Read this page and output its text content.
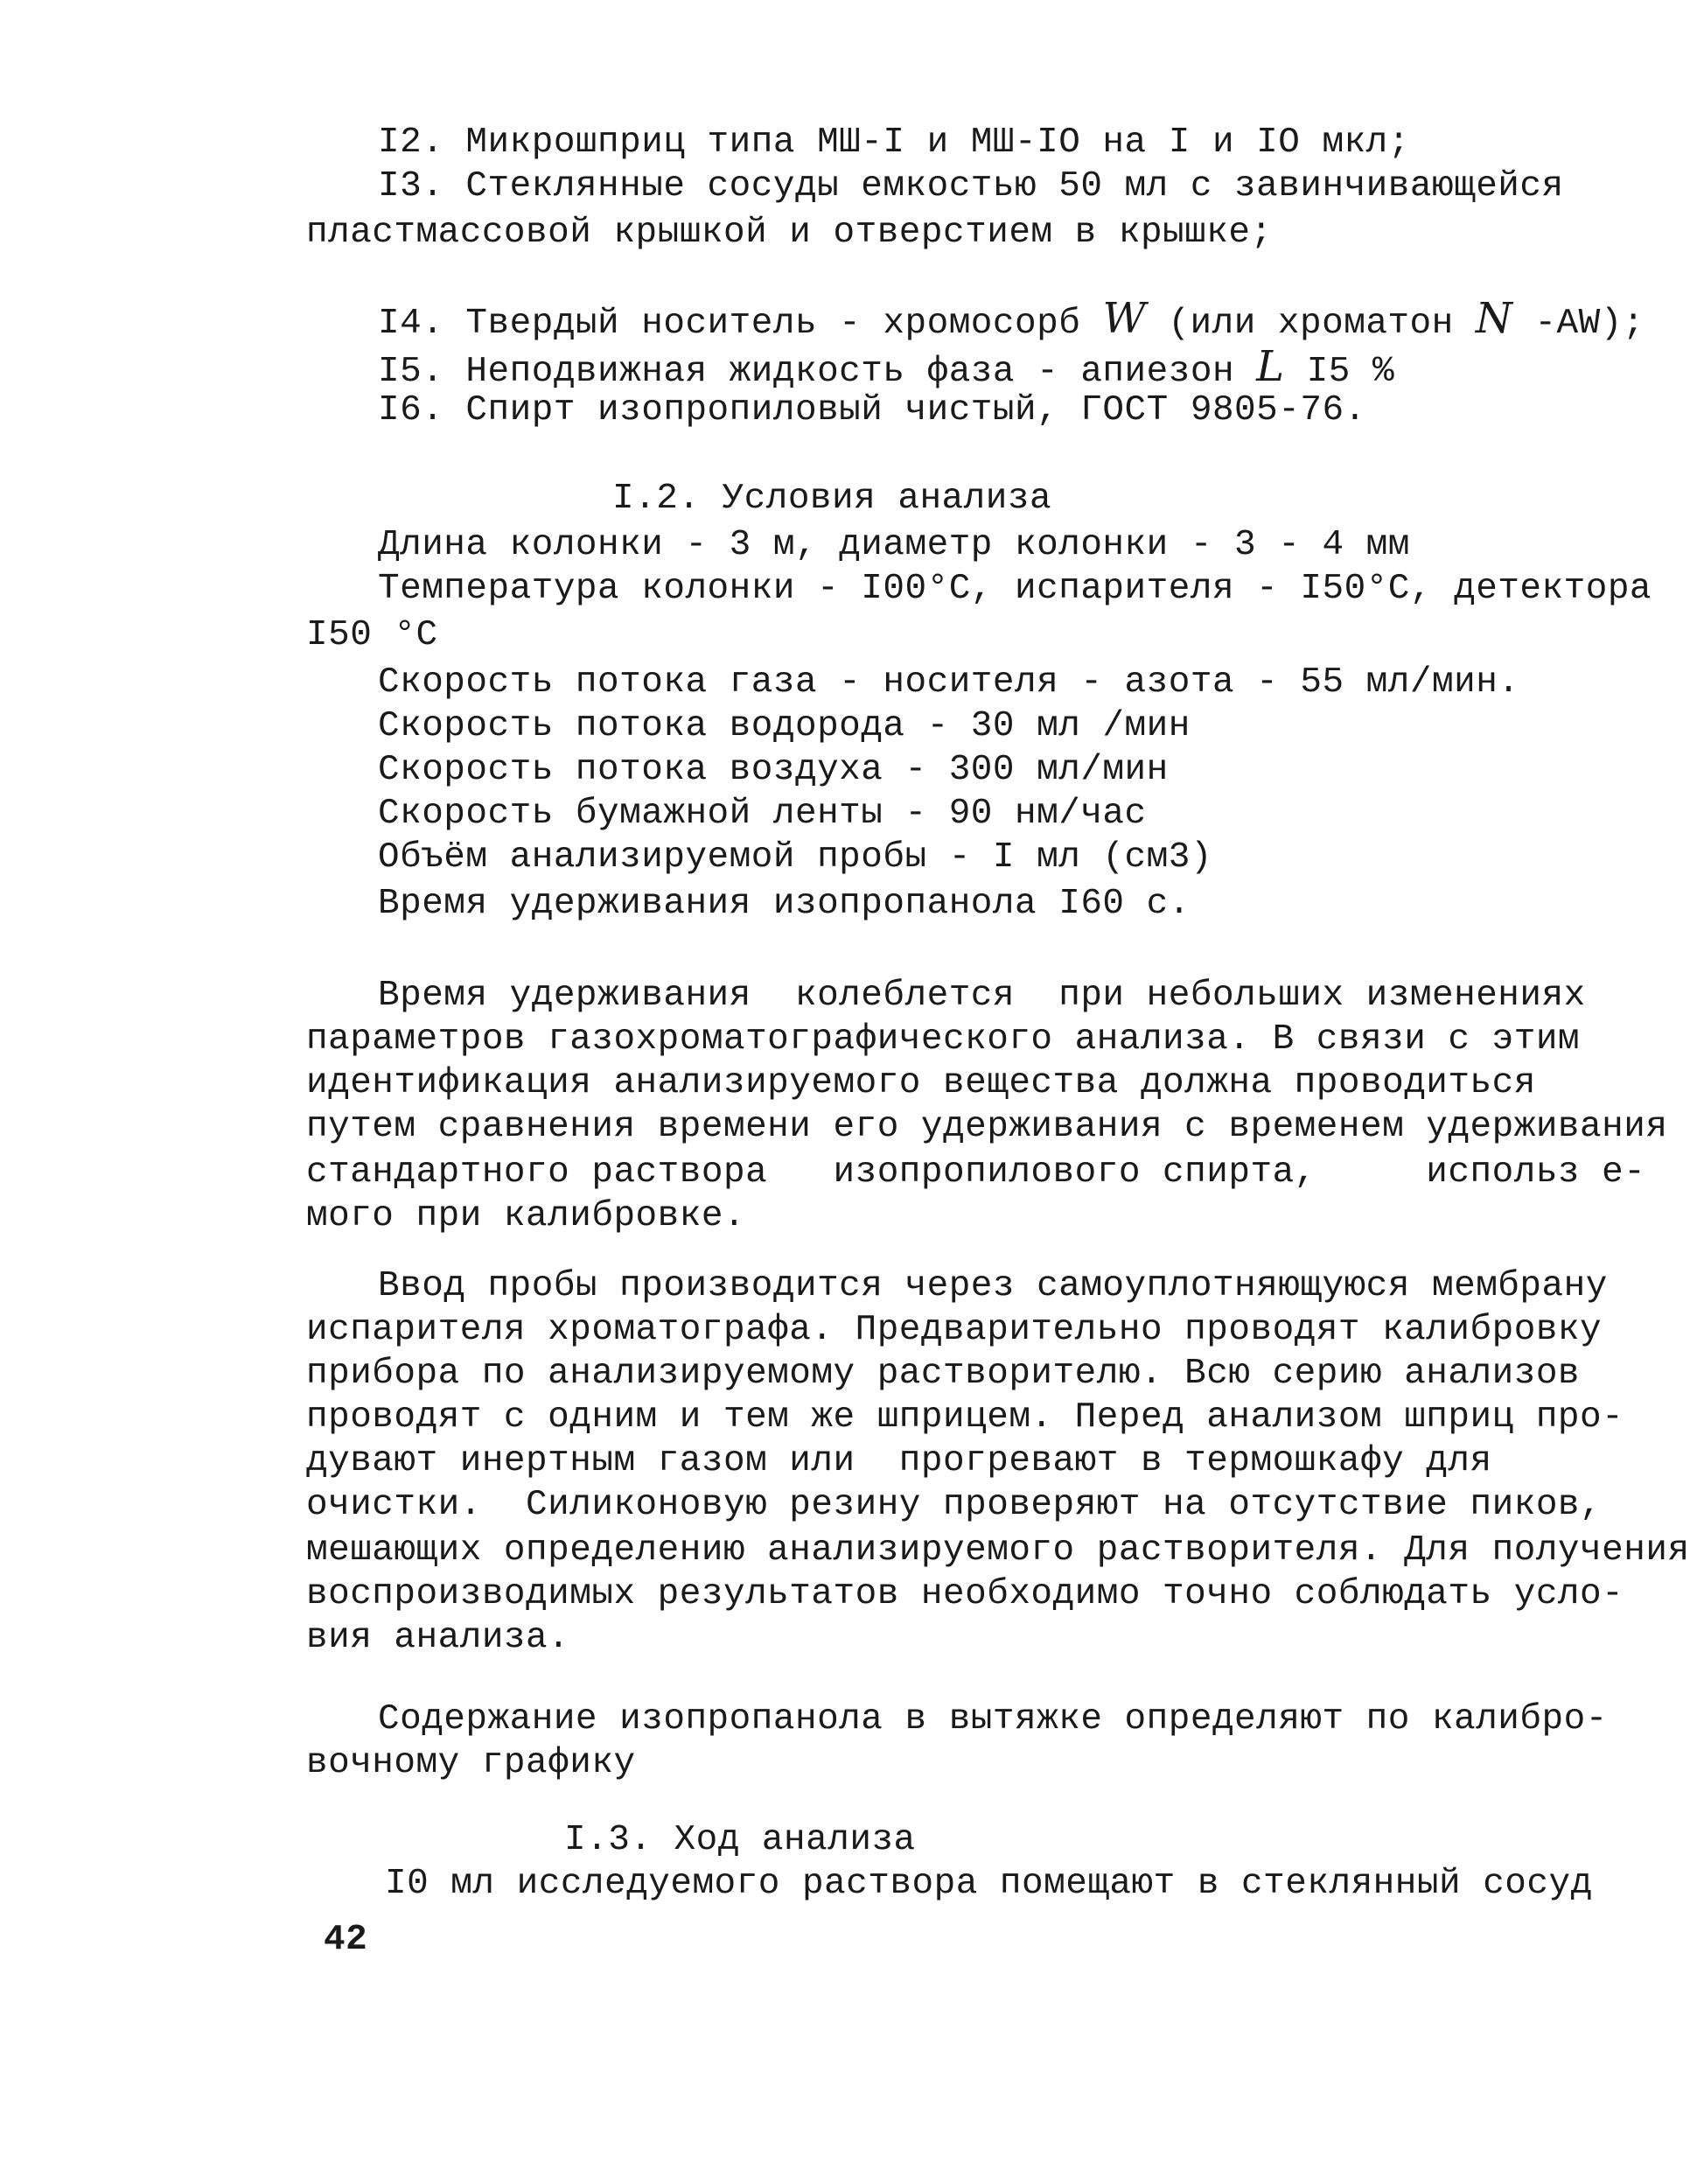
I2. Микрошприц типа МШ-I и МШ-IO на I и IO мкл;
I3. Стеклянные сосуды емкостью 50 мл с завинчивающейся
пластмассовой крышкой и отверстием в крышке;
I4. Твердый носитель - хромосорб W (или хроматон N -AW);
I5. Неподвижная жидкость фаза - апиезон L I5 %
I6. Спирт изопропиловый чистый, ГОСТ 9805-76.
I.2. Условия анализа
Длина колонки - 3 м, диаметр колонки - 3 - 4 мм
Температура колонки - I00°С, испарителя - I50°С, детектора
I50 °С
Скорость потока газа - носителя - азота - 55 мл/мин.
Скорость потока водорода - 30 мл /мин
Скорость потока воздуха - 300 мл/мин
Скорость бумажной ленты - 90 нм/час
Объём анализируемой пробы - I мл (см3)
Время удерживания изопропанола I60 с.
Время удерживания  колеблется  при небольших изменениях
параметров газохроматографического анализа. В связи с этим
идентификация анализируемого вещества должна проводиться
путем сравнения времени его удерживания с временем удерживания
стандартного раствора   изопропилового спирта,     использ е-
мого при калибровке.
Ввод пробы производится через самоуплотняющуюся мембрану
испарителя хроматографа. Предварительно проводят калибровку
прибора по анализируемому растворителю. Всю серию анализов
проводят с одним и тем же шприцем. Перед анализом шприц про-
дувают инертным газом или  прогревают в термошкафу для
очистки.  Силиконовую резину проверяют на отсутствие пиков,
мешающих определению анализируемого растворителя. Для получения
воспроизводимых результатов необходимо точно соблюдать усло-
вия анализа.
Содержание изопропанола в вытяжке определяют по калибро-
вочному графику
I.3. Ход анализа
I0 мл исследуемого раствора помещают в стеклянный сосуд
42
